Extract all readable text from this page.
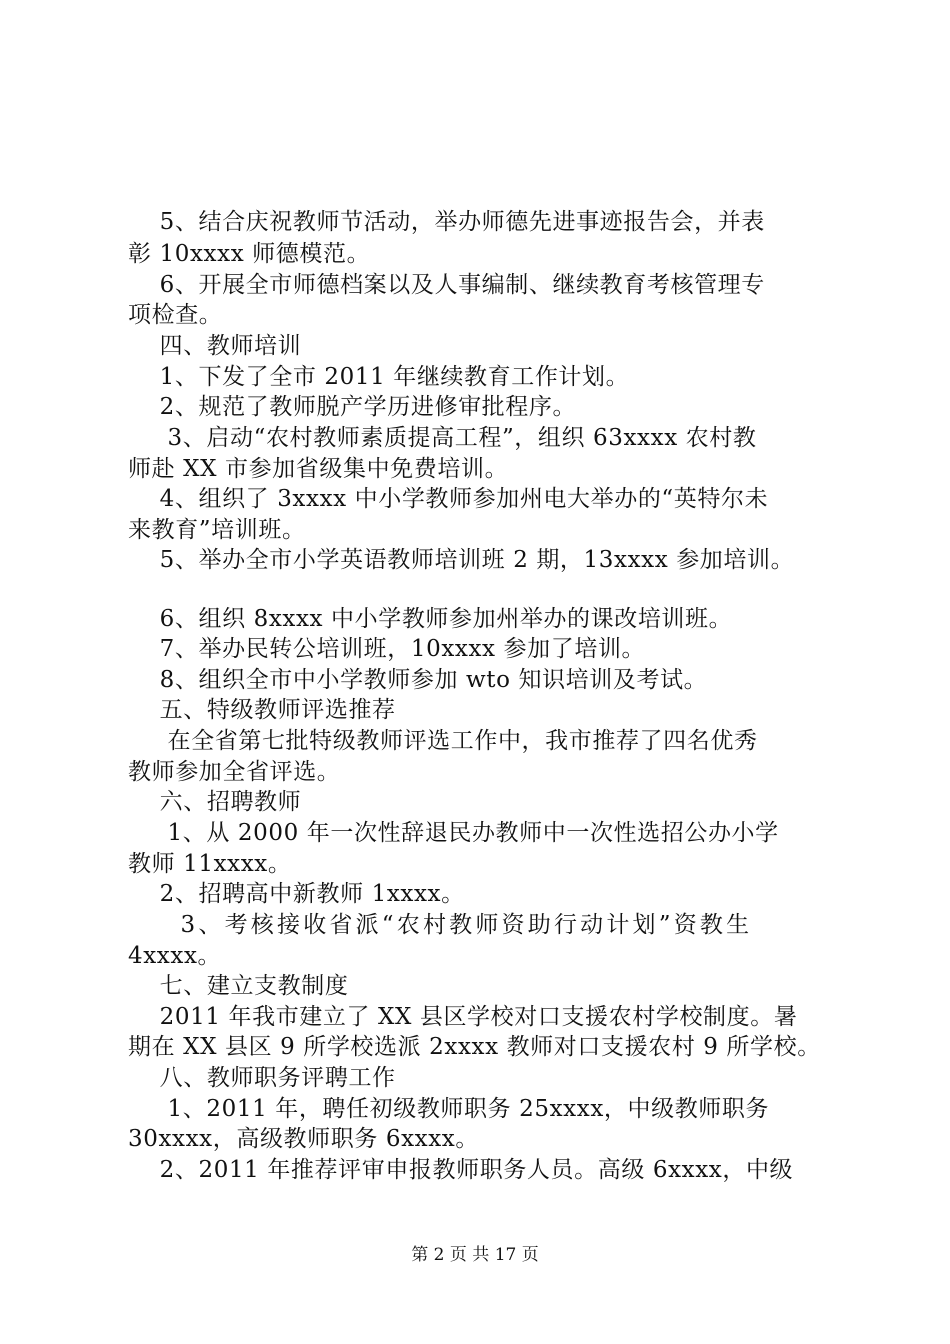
5、结合庆祝教师节活动，举办师德先进事迹报告会，并表
彰 10xxxx 师德模范。
6、开展全市师德档案以及人事编制、继续教育考核管理专
项检查。
四、教师培训
1、下发了全市 2011 年继续教育工作计划。
2、规范了教师脱产学历进修审批程序。
3、启动“农村教师素质提高工程”，组织 63xxxx 农村教
师赴 XX 市参加省级集中免费培训。
4、组织了 3xxxx 中小学教师参加州电大举办的“英特尔未
来教育”培训班。
5、举办全市小学英语教师培训班 2 期，13xxxx 参加培训。
6、组织 8xxxx 中小学教师参加州举办的课改培训班。
7、举办民转公培训班，10xxxx 参加了培训。
8、组织全市中小学教师参加 wto 知识培训及考试。
五、特级教师评选推荐
在全省第七批特级教师评选工作中，我市推荐了四名优秀
教师参加全省评选。
六、招聘教师
1、从 2000 年一次性辞退民办教师中一次性选招公办小学
教师 11xxxx。
2、招聘高中新教师 1xxxx。
3、考核接收省派“农村教师资助行动计划”资教生
4xxxx。
七、建立支教制度
2011 年我市建立了 XX 县区学校对口支援农村学校制度。暑
期在 XX 县区 9 所学校选派 2xxxx 教师对口支援农村 9 所学校。
八、教师职务评聘工作
1、2011 年，聘任初级教师职务 25xxxx，中级教师职务
30xxxx，高级教师职务 6xxxx。
2、2011 年推荐评审申报教师职务人员。高级 6xxxx，中级
第 2 页 共 17 页
